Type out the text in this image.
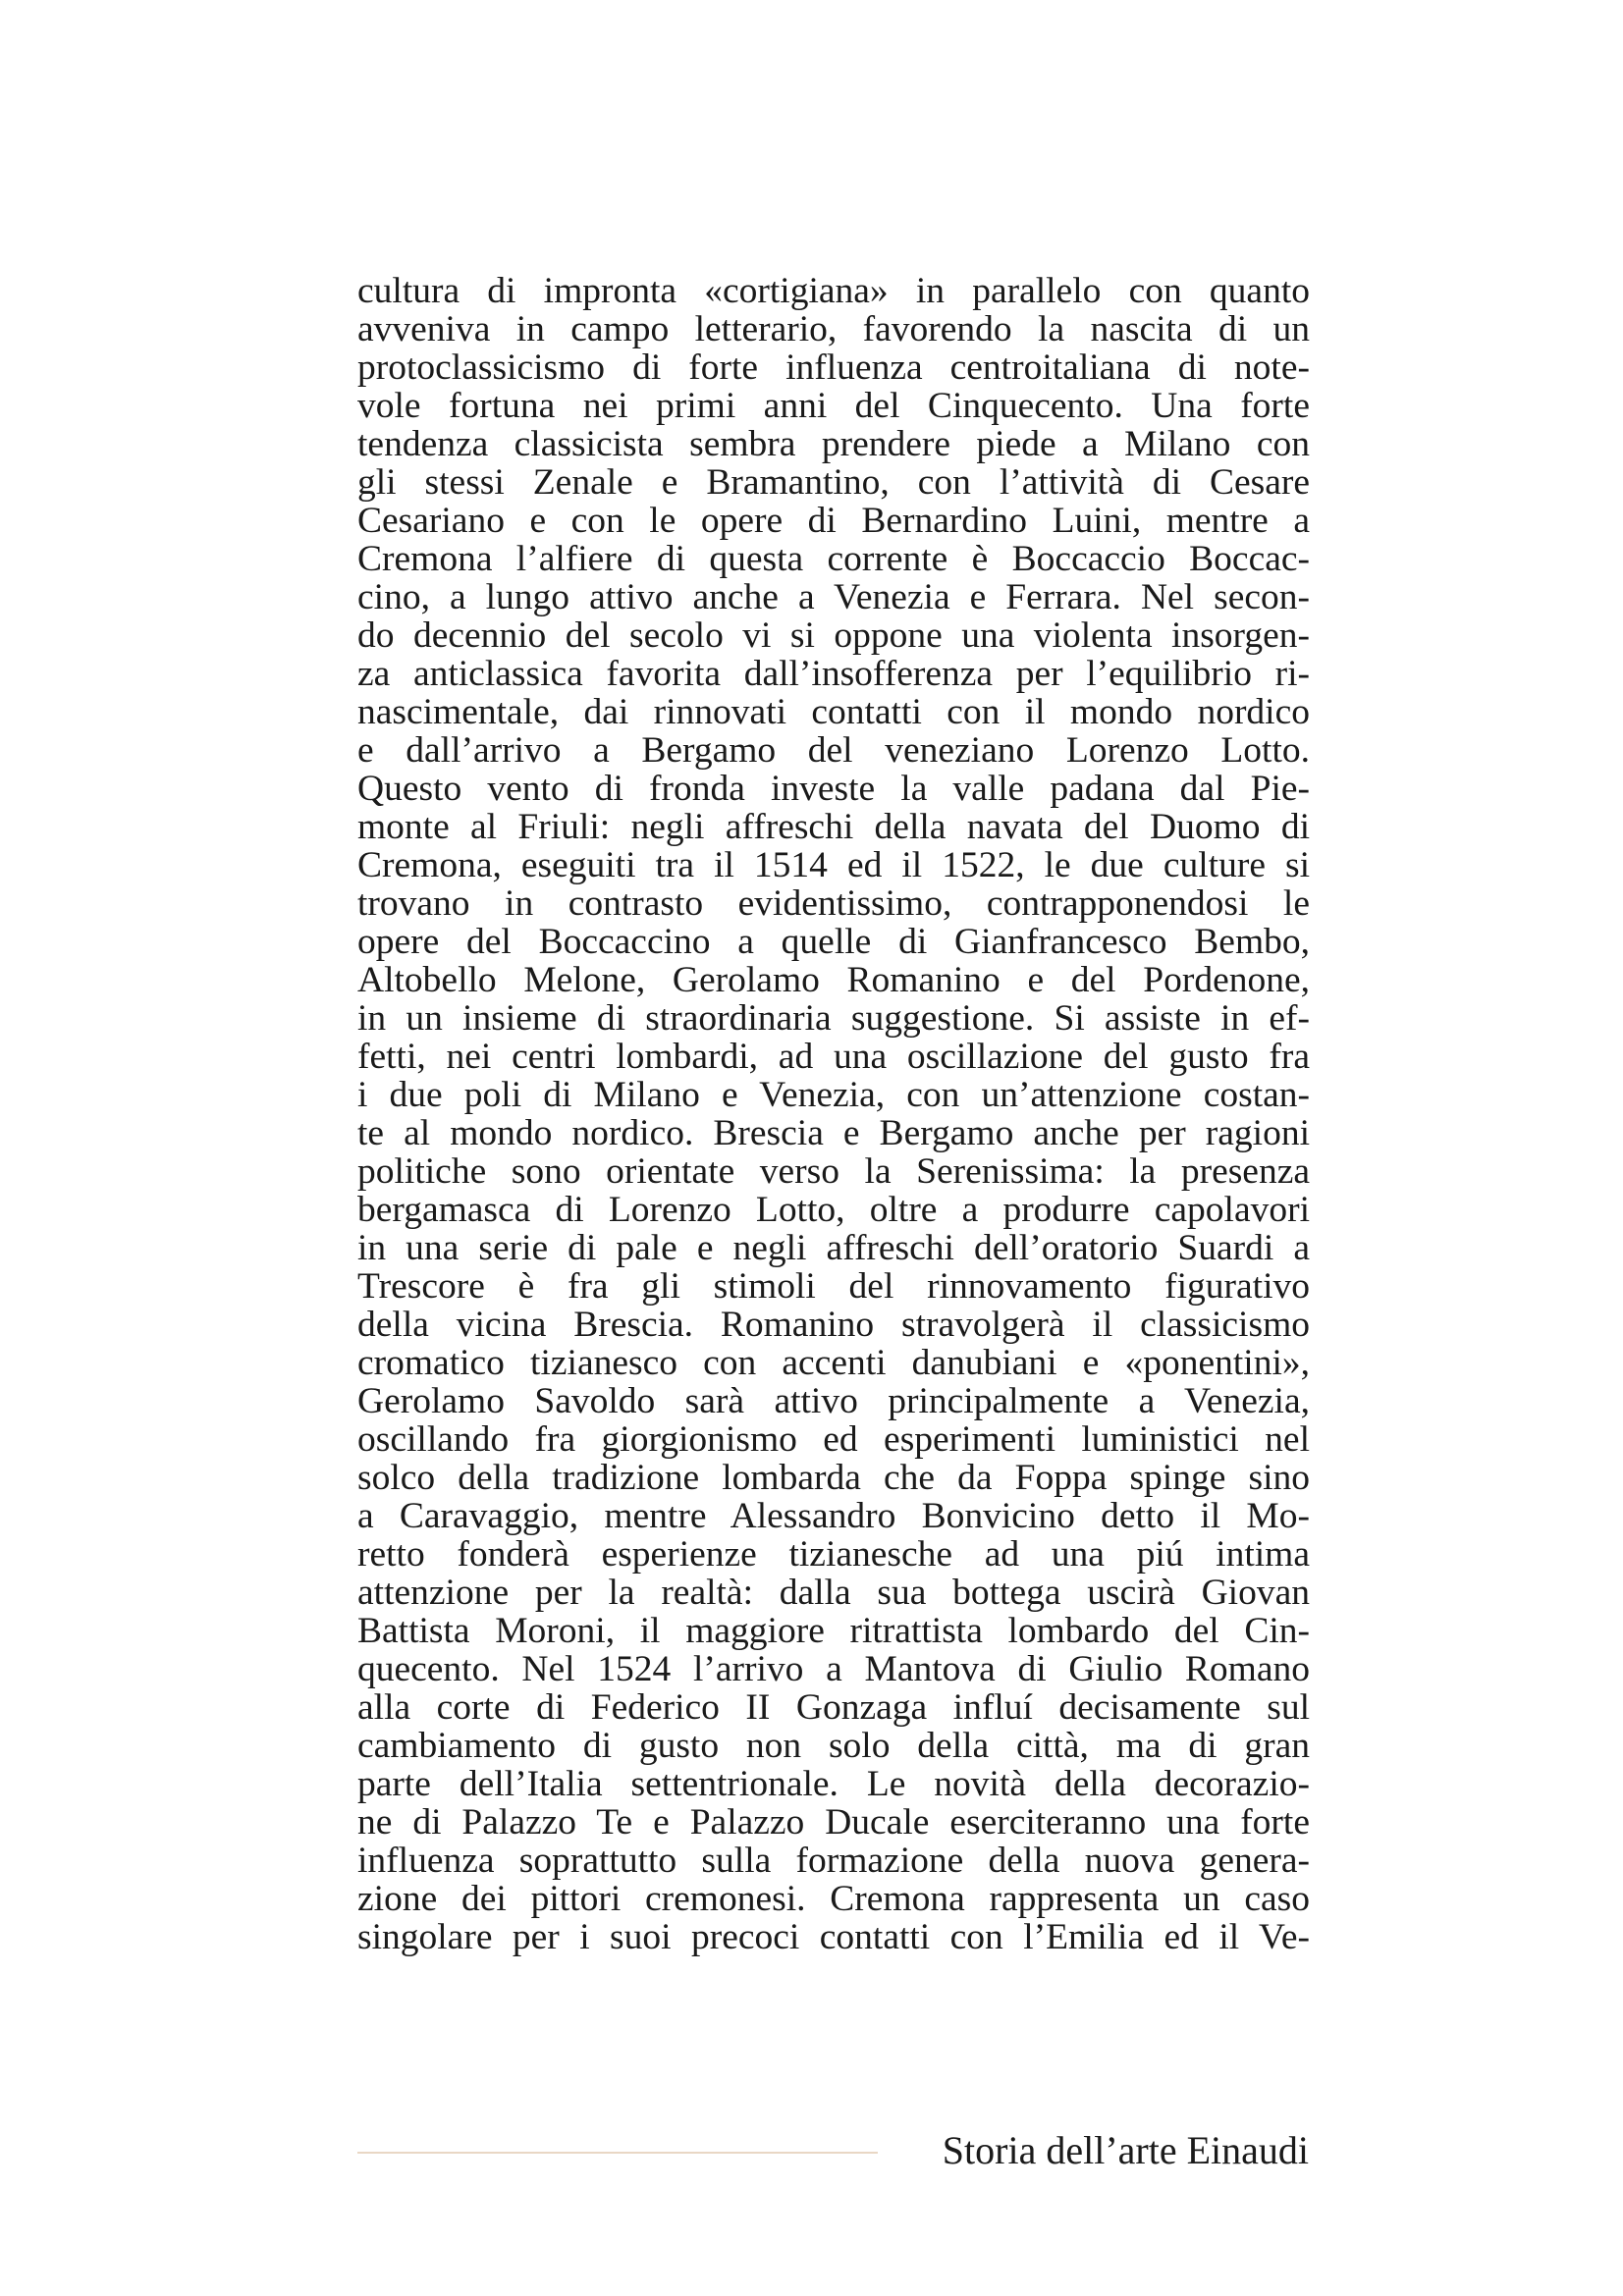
cultura di impronta «cortigiana» in parallelo con quanto
avveniva in campo letterario, favorendo la nascita di un
protoclassicismo di forte influenza centroitaliana di note-
vole fortuna nei primi anni del Cinquecento. Una forte
tendenza classicista sembra prendere piede a Milano con
gli stessi Zenale e Bramantino, con l’attività di Cesare
Cesariano e con le opere di Bernardino Luini, mentre a
Cremona l’alfiere di questa corrente è Boccaccio Boccac-
cino, a lungo attivo anche a Venezia e Ferrara. Nel secon-
do decennio del secolo vi si oppone una violenta insorgen-
za anticlassica favorita dall’insofferenza per l’equilibrio ri-
nascimentale, dai rinnovati contatti con il mondo nordico
e dall’arrivo a Bergamo del veneziano Lorenzo Lotto.
Questo vento di fronda investe la valle padana dal Pie-
monte al Friuli: negli affreschi della navata del Duomo di
Cremona, eseguiti tra il 1514 ed il 1522, le due culture si
trovano in contrasto evidentissimo, contrapponendosi le
opere del Boccaccino a quelle di Gianfrancesco Bembo,
Altobello Melone, Gerolamo Romanino e del Pordenone,
in un insieme di straordinaria suggestione. Si assiste in ef-
fetti, nei centri lombardi, ad una oscillazione del gusto fra
i due poli di Milano e Venezia, con un’attenzione costan-
te al mondo nordico. Brescia e Bergamo anche per ragioni
politiche sono orientate verso la Serenissima: la presenza
bergamasca di Lorenzo Lotto, oltre a produrre capolavori
in una serie di pale e negli affreschi dell’oratorio Suardi a
Trescore è fra gli stimoli del rinnovamento figurativo
della vicina Brescia. Romanino stravolgerà il classicismo
cromatico tizianesco con accenti danubiani e «ponentini»,
Gerolamo Savoldo sarà attivo principalmente a Venezia,
oscillando fra giorgionismo ed esperimenti luministici nel
solco della tradizione lombarda che da Foppa spinge sino
a Caravaggio, mentre Alessandro Bonvicino detto il Mo-
retto fonderà esperienze tizianesche ad una piú intima
attenzione per la realtà: dalla sua bottega uscirà Giovan
Battista Moroni, il maggiore ritrattista lombardo del Cin-
quecento. Nel 1524 l’arrivo a Mantova di Giulio Romano
alla corte di Federico II Gonzaga influí decisamente sul
cambiamento di gusto non solo della città, ma di gran
parte dell’Italia settentrionale. Le novità della decorazio-
ne di Palazzo Te e Palazzo Ducale eserciteranno una forte
influenza soprattutto sulla formazione della nuova genera-
zione dei pittori cremonesi. Cremona rappresenta un caso
singolare per i suoi precoci contatti con l’Emilia ed il Ve-
Storia dell’arte Einaudi
